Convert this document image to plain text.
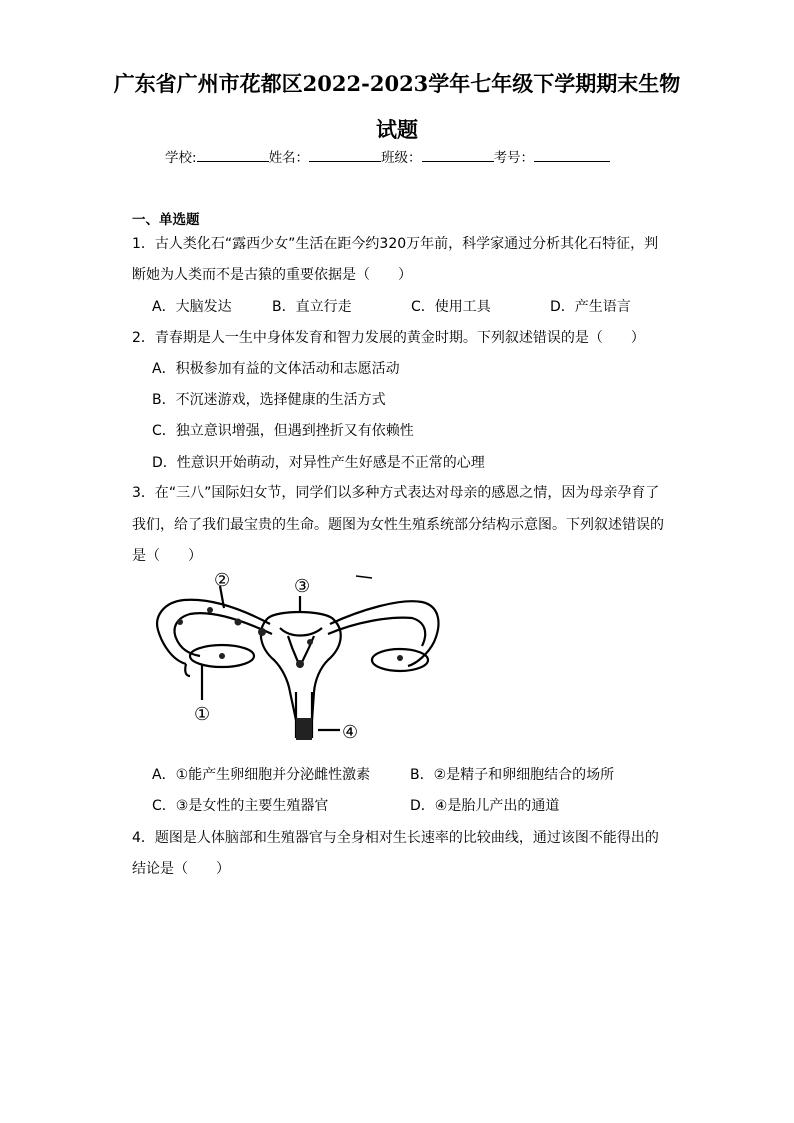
广东省广州市花都区2022-2023学年七年级下学期期末生物
试题
学校:	姓名：	班级：	考号：
一、单选题
1．古人类化石“露西少女”生活在距今约320万年前，科学家通过分析其化石特征，判
断她为人类而不是古猿的重要依据是（　　）
A．大脑发达	B．直立行走	C．使用工具	D．产生语言
2．青春期是人一生中身体发育和智力发展的黄金时期。下列叙述错误的是（　　）
A．积极参加有益的文体活动和志愿活动
B．不沉迷游戏，选择健康的生活方式
C．独立意识增强，但遇到挫折又有依赖性
D．性意识开始萌动，对异性产生好感是不正常的心理
3．在“三八”国际妇女节，同学们以多种方式表达对母亲的感恩之情，因为母亲孕育了
我们，给了我们最宝贵的生命。题图为女性生殖系统部分结构示意图。下列叙述错误的
是（　　）
②	③
①
④
A．①能产生卵细胞并分泌雌性激素	B．②是精子和卵细胞结合的场所
C．③是女性的主要生殖器官	D．④是胎儿产出的通道
4．题图是人体脑部和生殖器官与全身相对生长速率的比较曲线，通过该图不能得出的
结论是（　　）
